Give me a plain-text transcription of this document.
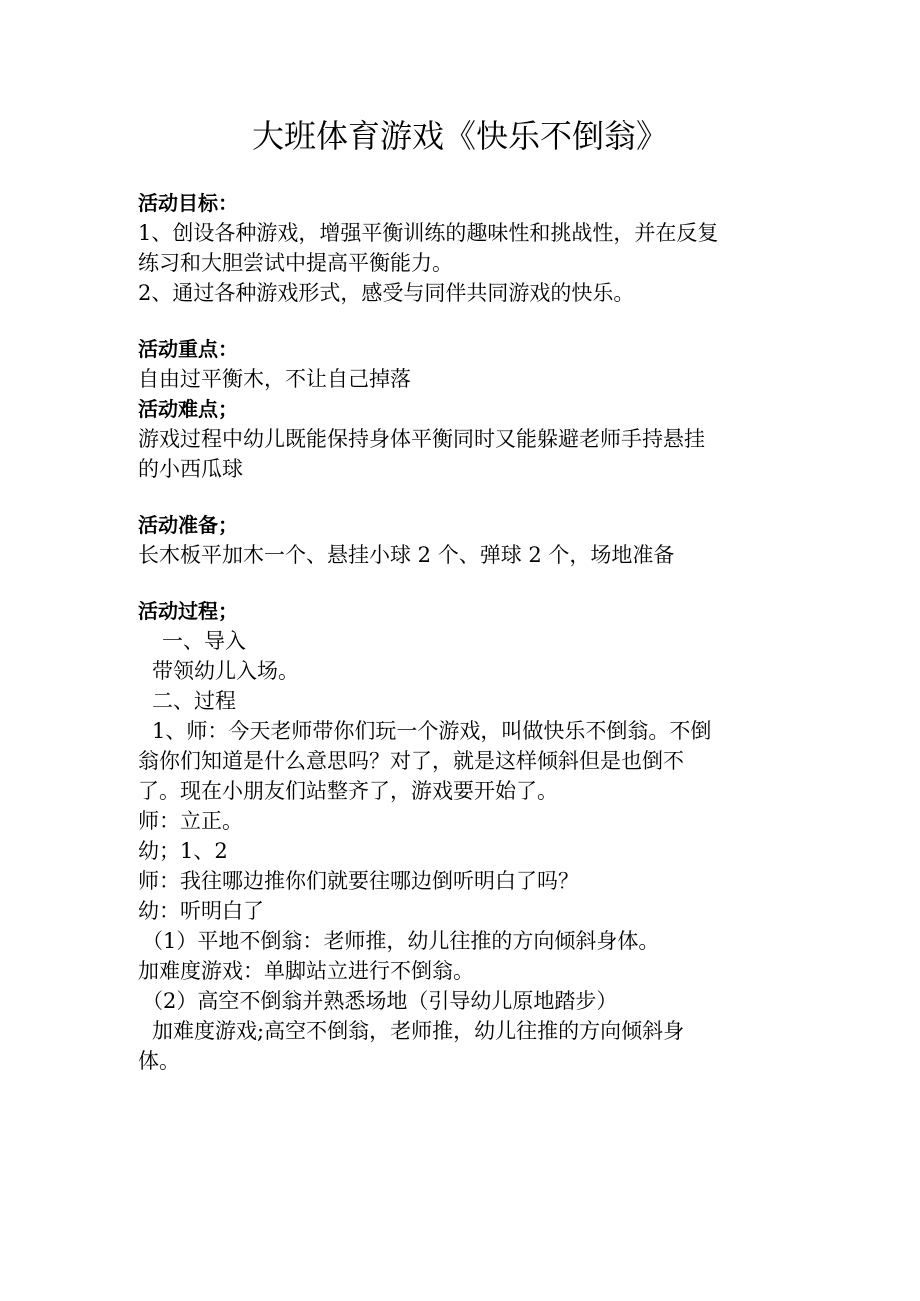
大班体育游戏《快乐不倒翁》
活动目标：
1、创设各种游戏，增强平衡训练的趣味性和挑战性，并在反复
练习和大胆尝试中提高平衡能力。
2、通过各种游戏形式，感受与同伴共同游戏的快乐。
活动重点：
自由过平衡木，不让自己掉落
活动难点；
游戏过程中幼儿既能保持身体平衡同时又能躲避老师手持悬挂
的小西瓜球
活动准备；
长木板平加木一个、悬挂小球 2 个、弹球 2 个，场地准备
活动过程；
一、导入
带领幼儿入场。
二、过程
1、师：今天老师带你们玩一个游戏，叫做快乐不倒翁。不倒
翁你们知道是什么意思吗？对了，就是这样倾斜但是也倒不
了。现在小朋友们站整齐了，游戏要开始了。
师：立正。
幼；1、2
师：我往哪边推你们就要往哪边倒听明白了吗？
幼：听明白了
（1）平地不倒翁：老师推，幼儿往推的方向倾斜身体。
加难度游戏：单脚站立进行不倒翁。
（2）高空不倒翁并熟悉场地（引导幼儿原地踏步）
加难度游戏;高空不倒翁，老师推，幼儿往推的方向倾斜身
体。
